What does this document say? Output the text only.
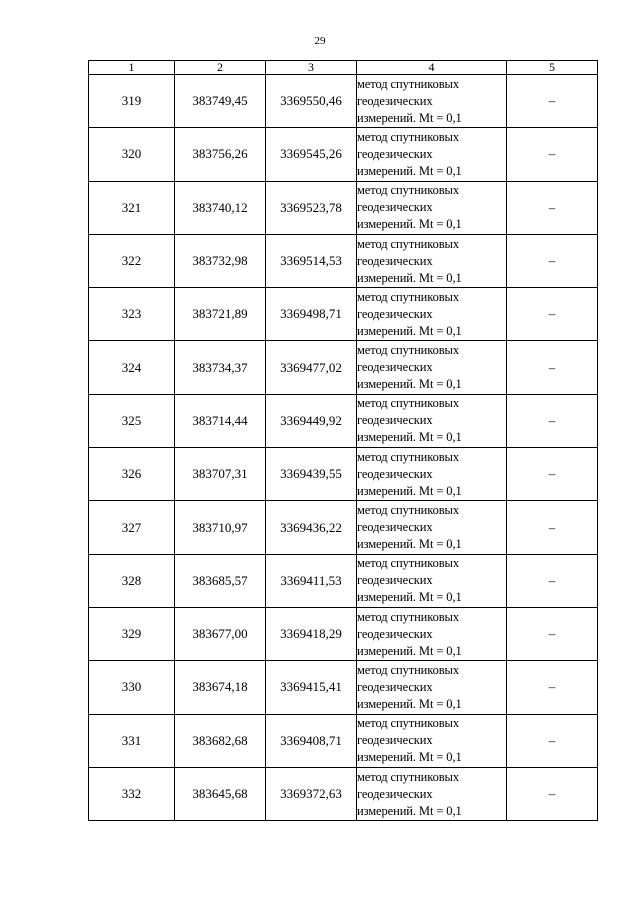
29
1	2	3	4	5
319	383749,45	3369550,46	метод спутниковых
геодезических
измерений. Mt = 0,1	–
320	383756,26	3369545,26	метод спутниковых
геодезических
измерений. Mt = 0,1	–
321	383740,12	3369523,78	метод спутниковых
геодезических
измерений. Mt = 0,1	–
322	383732,98	3369514,53	метод спутниковых
геодезических
измерений. Mt = 0,1	–
323	383721,89	3369498,71	метод спутниковых
геодезических
измерений. Mt = 0,1	–
324	383734,37	3369477,02	метод спутниковых
геодезических
измерений. Mt = 0,1	–
325	383714,44	3369449,92	метод спутниковых
геодезических
измерений. Mt = 0,1	–
326	383707,31	3369439,55	метод спутниковых
геодезических
измерений. Mt = 0,1	–
327	383710,97	3369436,22	метод спутниковых
геодезических
измерений. Mt = 0,1	–
328	383685,57	3369411,53	метод спутниковых
геодезических
измерений. Mt = 0,1	–
329	383677,00	3369418,29	метод спутниковых
геодезических
измерений. Mt = 0,1	–
330	383674,18	3369415,41	метод спутниковых
геодезических
измерений. Mt = 0,1	–
331	383682,68	3369408,71	метод спутниковых
геодезических
измерений. Mt = 0,1	–
332	383645,68	3369372,63	метод спутниковых
геодезических
измерений. Mt = 0,1	–
